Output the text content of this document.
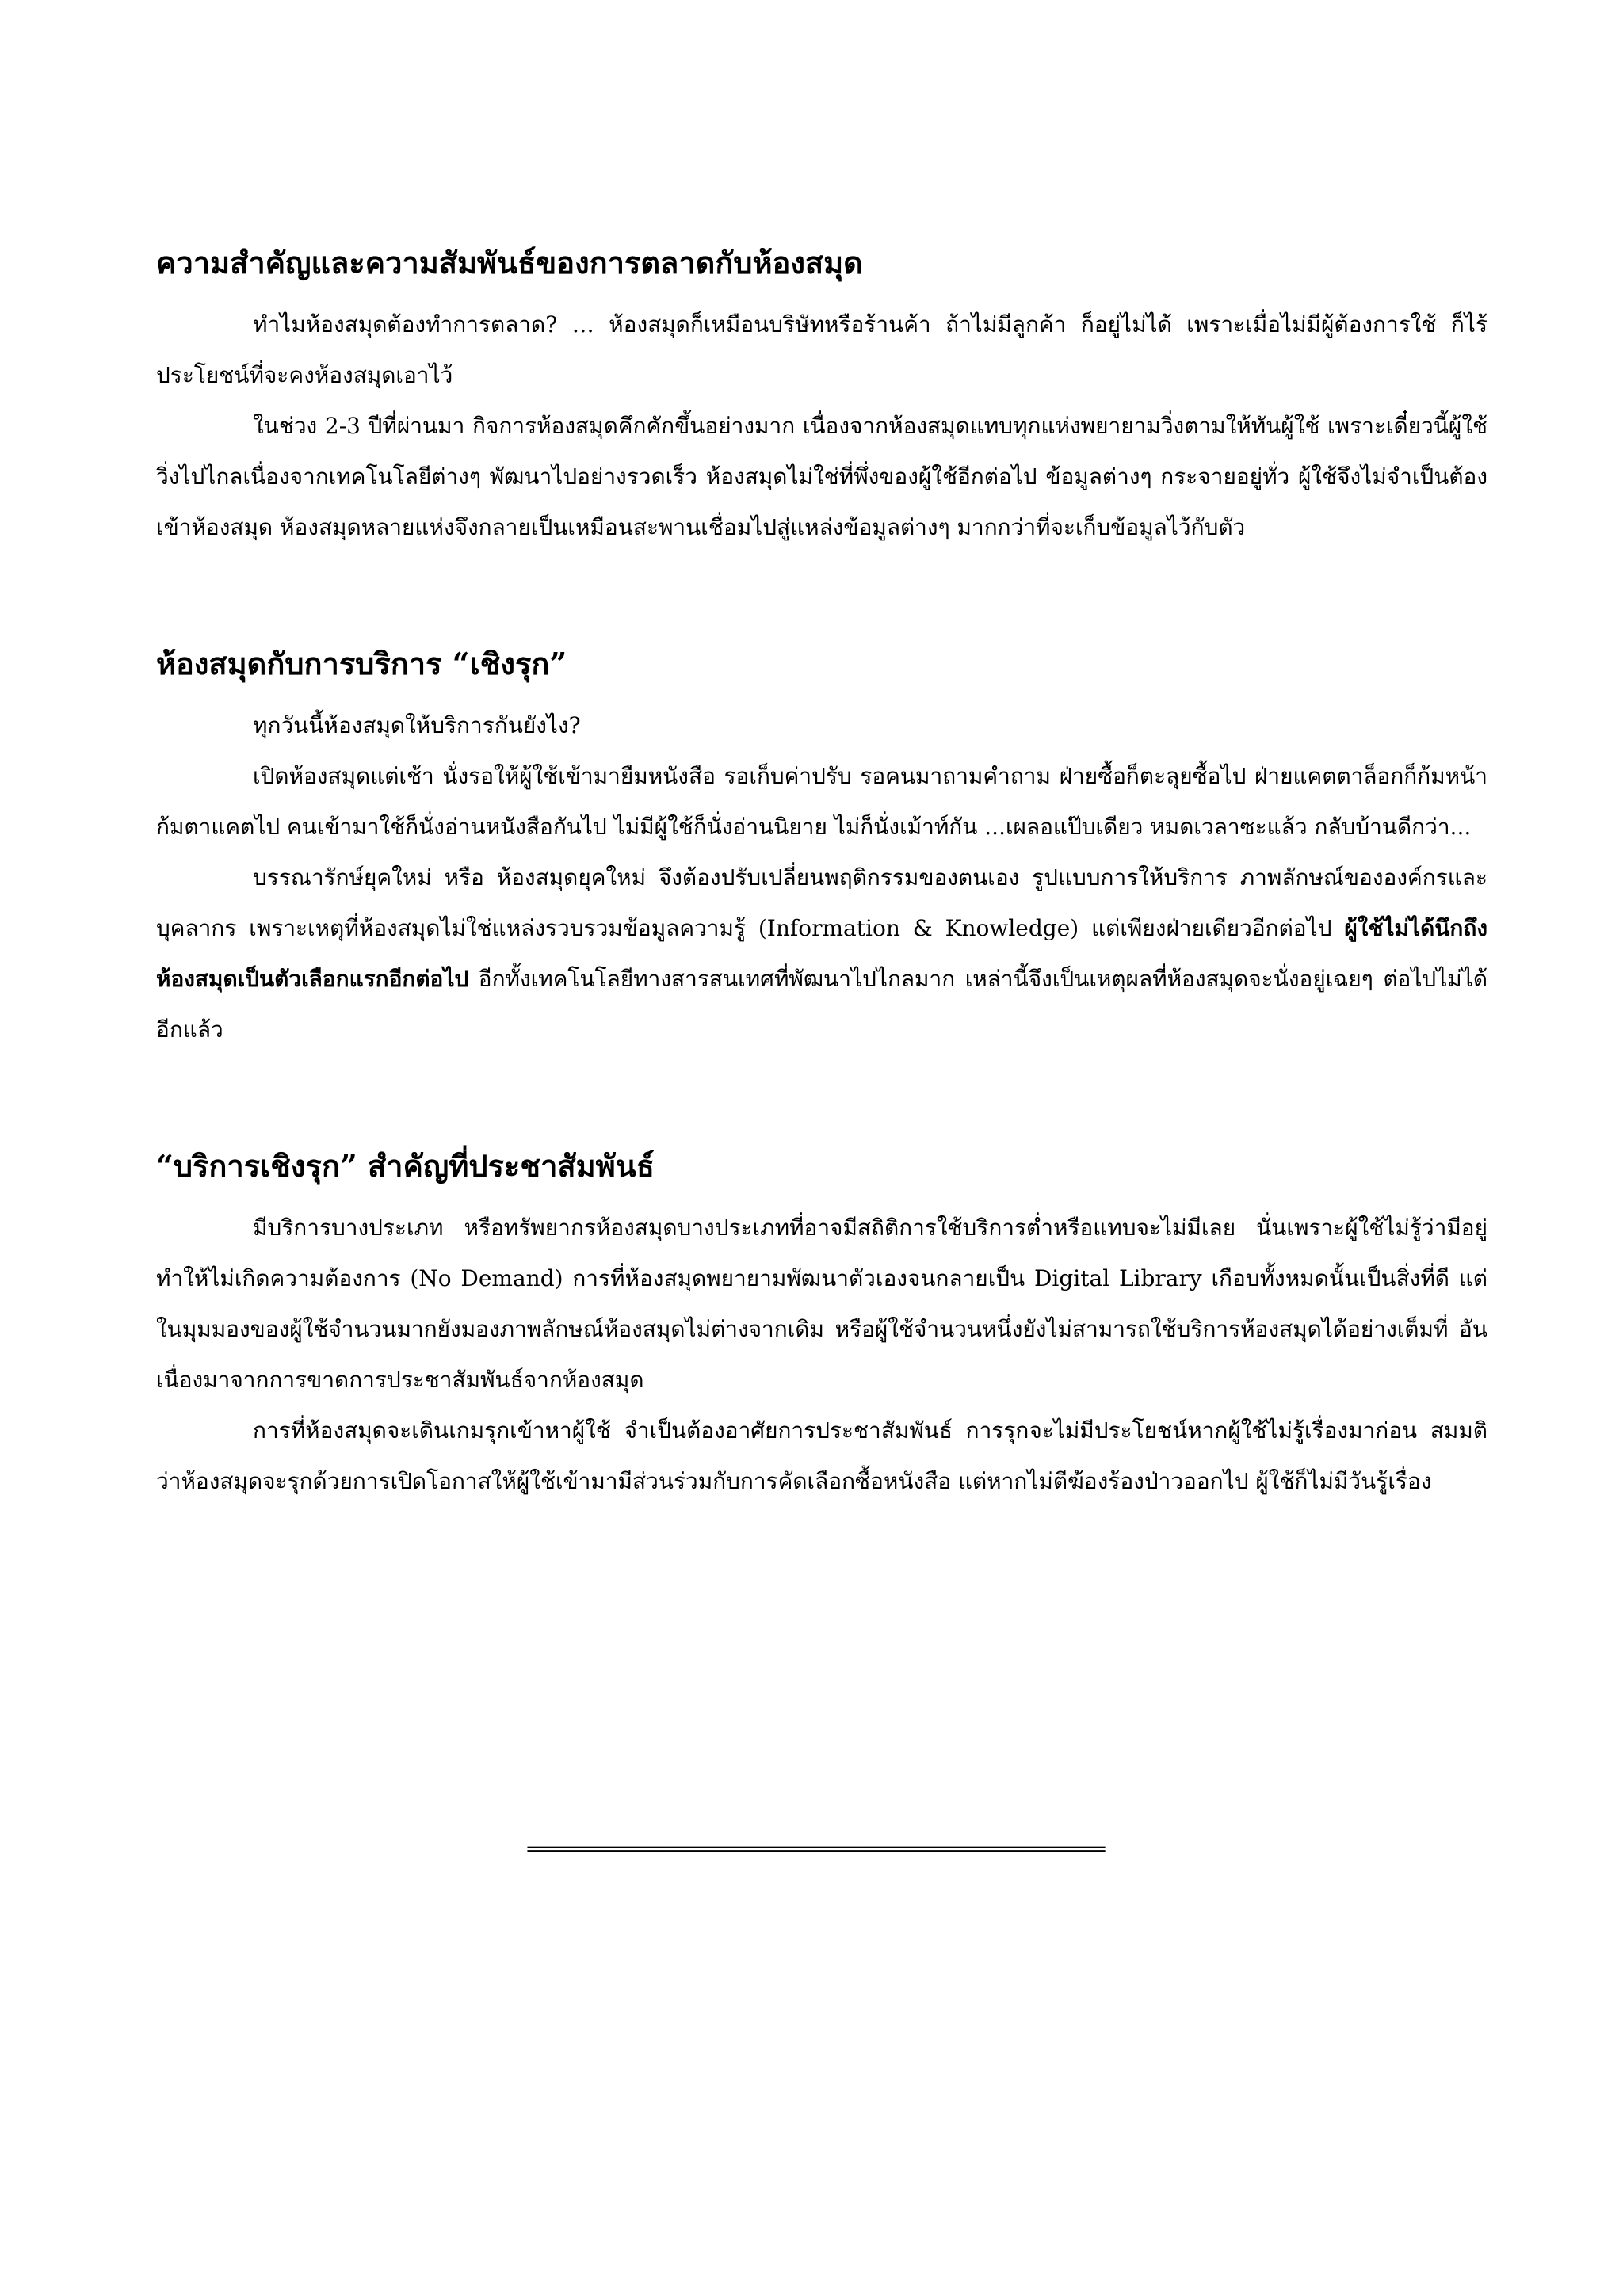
ความสำคัญและความสัมพันธ์ของการตลาดกับห้องสมุด

ทำไมห้องสมุดต้องทำการตลาด? … ห้องสมุดก็เหมือนบริษัทหรือร้านค้า ถ้าไม่มีลูกค้า ก็อยู่ไม่ได้ เพราะเมื่อไม่มีผู้ต้องการใช้ ก็ไร้ประโยชน์ที่จะคงห้องสมุดเอาไว้

ในช่วง 2-3 ปีที่ผ่านมา กิจการห้องสมุดคึกคักขึ้นอย่างมาก เนื่องจากห้องสมุดแทบทุกแห่งพยายามวิ่งตามให้ทันผู้ใช้ เพราะเดี๋ยวนี้ผู้ใช้วิ่งไปไกลเนื่องจากเทคโนโลยีต่างๆ พัฒนาไปอย่างรวดเร็ว ห้องสมุดไม่ใช่ที่พึ่งของผู้ใช้อีกต่อไป ข้อมูลต่างๆ กระจายอยู่ทั่ว ผู้ใช้จึงไม่จำเป็นต้องเข้าห้องสมุด ห้องสมุดหลายแห่งจึงกลายเป็นเหมือนสะพานเชื่อมไปสู่แหล่งข้อมูลต่างๆ มากกว่าที่จะเก็บข้อมูลไว้กับตัว

ห้องสมุดกับการบริการ “เชิงรุก”

ทุกวันนี้ห้องสมุดให้บริการกันยังไง?

เปิดห้องสมุดแต่เช้า นั่งรอให้ผู้ใช้เข้ามายืมหนังสือ รอเก็บค่าปรับ รอคนมาถามคำถาม ฝ่ายซื้อก็ตะลุยซื้อไป ฝ่ายแคตตาล็อกก็ก้มหน้าก้มตาแคตไป คนเข้ามาใช้ก็นั่งอ่านหนังสือกันไป ไม่มีผู้ใช้ก็นั่งอ่านนิยาย ไม่ก็นั่งเม้าท์กัน ...เผลอแป๊บเดียว หมดเวลาซะแล้ว กลับบ้านดีกว่า...

บรรณารักษ์ยุคใหม่ หรือ ห้องสมุดยุคใหม่ จึงต้องปรับเปลี่ยนพฤติกรรมของตนเอง รูปแบบการให้บริการ ภาพลักษณ์ขององค์กรและบุคลากร เพราะเหตุที่ห้องสมุดไม่ใช่แหล่งรวบรวมข้อมูลความรู้ (Information & Knowledge) แต่เพียงฝ่ายเดียวอีกต่อไป ผู้ใช้ไม่ได้นึกถึงห้องสมุดเป็นตัวเลือกแรกอีกต่อไป อีกทั้งเทคโนโลยีทางสารสนเทศที่พัฒนาไปไกลมาก เหล่านี้จึงเป็นเหตุผลที่ห้องสมุดจะนั่งอยู่เฉยๆ ต่อไปไม่ได้อีกแล้ว

“บริการเชิงรุก” สำคัญที่ประชาสัมพันธ์

มีบริการบางประเภท หรือทรัพยากรห้องสมุดบางประเภทที่อาจมีสถิติการใช้บริการต่ำหรือแทบจะไม่มีเลย นั่นเพราะผู้ใช้ไม่รู้ว่ามีอยู่ ทำให้ไม่เกิดความต้องการ (No Demand) การที่ห้องสมุดพยายามพัฒนาตัวเองจนกลายเป็น Digital Library เกือบทั้งหมดนั้นเป็นสิ่งที่ดี แต่ในมุมมองของผู้ใช้จำนวนมากยังมองภาพลักษณ์ห้องสมุดไม่ต่างจากเดิม หรือผู้ใช้จำนวนหนึ่งยังไม่สามารถใช้บริการห้องสมุดได้อย่างเต็มที่ อันเนื่องมาจากการขาดการประชาสัมพันธ์จากห้องสมุด

การที่ห้องสมุดจะเดินเกมรุกเข้าหาผู้ใช้ จำเป็นต้องอาศัยการประชาสัมพันธ์ การรุกจะไม่มีประโยชน์หากผู้ใช้ไม่รู้เรื่องมาก่อน สมมติว่าห้องสมุดจะรุกด้วยการเปิดโอกาสให้ผู้ใช้เข้ามามีส่วนร่วมกับการคัดเลือกซื้อหนังสือ แต่หากไม่ตีฆ้องร้องป่าวออกไป ผู้ใช้ก็ไม่มีวันรู้เรื่อง

==================================================================
